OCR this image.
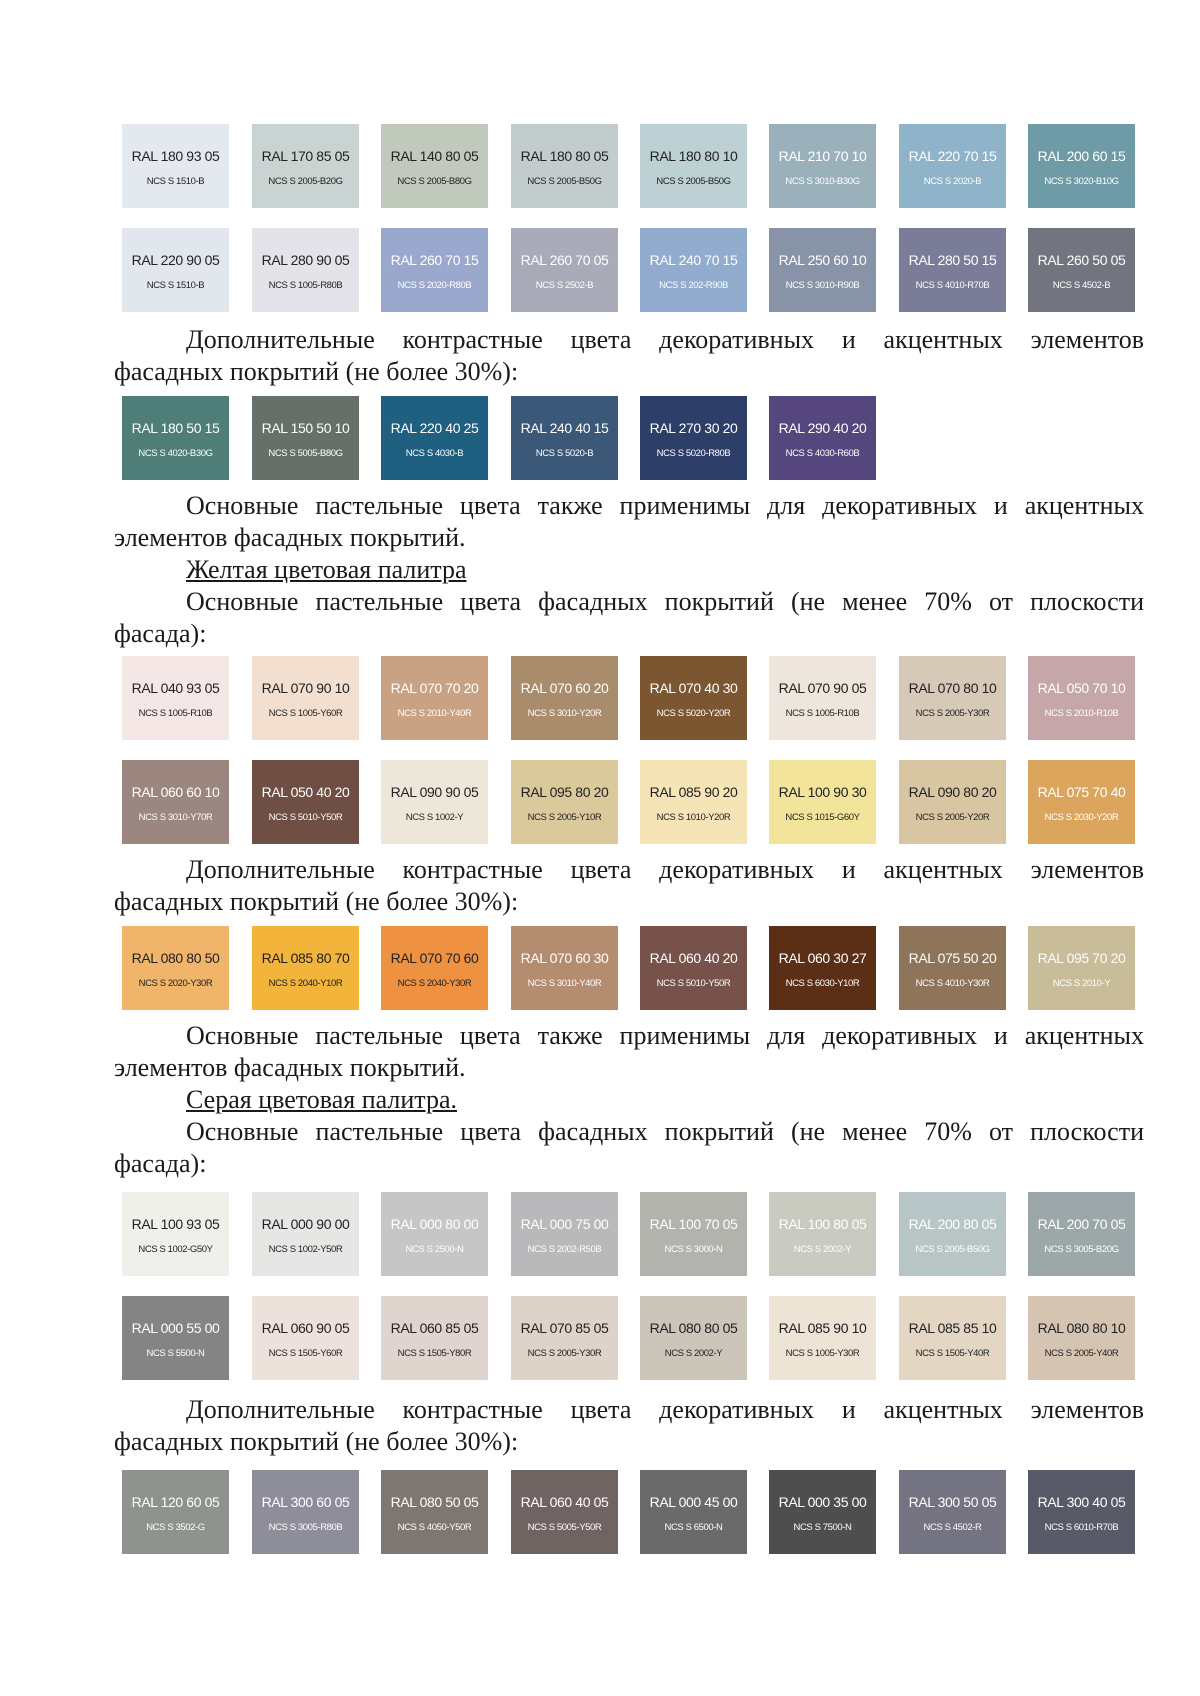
RAL 180 93 05
NCS S 1510-B
RAL 170 85 05
NCS S 2005-B20G
RAL 140 80 05
NCS S 2005-B80G
RAL 180 80 05
NCS S 2005-B50G
RAL 180 80 10
NCS S 2005-B50G
RAL 210 70 10
NCS S 3010-B30G
RAL 220 70 15
NCS S 2020-B
RAL 200 60 15
NCS S 3020-B10G
RAL 220 90 05
NCS S 1510-B
RAL 280 90 05
NCS S 1005-R80B
RAL 260 70 15
NCS S 2020-R80B
RAL 260 70 05
NCS S 2502-B
RAL 240 70 15
NCS S 202-R90B
RAL 250 60 10
NCS S 3010-R90B
RAL 280 50 15
NCS S 4010-R70B
RAL 260 50 05
NCS S 4502-B

Дополнительные контрастные цвета декоративных и акцентных элементов
фасадных покрытий (не более 30%):

RAL 180 50 15
NCS S 4020-B30G
RAL 150 50 10
NCS S 5005-B80G
RAL 220 40 25
NCS S 4030-B
RAL 240 40 15
NCS S 5020-B
RAL 270 30 20
NCS S 5020-R80B
RAL 290 40 20
NCS S 4030-R60B

Основные пастельные цвета также применимы для декоративных и акцентных
элементов фасадных покрытий.

Желтая цветовая палитра

Основные пастельные цвета фасадных покрытий (не менее 70% от плоскости
фасада):

RAL 040 93 05
NCS S 1005-R10B
RAL 070 90 10
NCS S 1005-Y60R
RAL 070 70 20
NCS S 2010-Y40R
RAL 070 60 20
NCS S 3010-Y20R
RAL 070 40 30
NCS S 5020-Y20R
RAL 070 90 05
NCS S 1005-R10B
RAL 070 80 10
NCS S 2005-Y30R
RAL 050 70 10
NCS S 2010-R10B
RAL 060 60 10
NCS S 3010-Y70R
RAL 050 40 20
NCS S 5010-Y50R
RAL 090 90 05
NCS S 1002-Y
RAL 095 80 20
NCS S 2005-Y10R
RAL 085 90 20
NCS S 1010-Y20R
RAL 100 90 30
NCS S 1015-G60Y
RAL 090 80 20
NCS S 2005-Y20R
RAL 075 70 40
NCS S 2030-Y20R

Дополнительные контрастные цвета декоративных и акцентных элементов
фасадных покрытий (не более 30%):

RAL 080 80 50
NCS S 2020-Y30R
RAL 085 80 70
NCS S 2040-Y10R
RAL 070 70 60
NCS S 2040-Y30R
RAL 070 60 30
NCS S 3010-Y40R
RAL 060 40 20
NCS S 5010-Y50R
RAL 060 30 27
NCS S 6030-Y10R
RAL 075 50 20
NCS S 4010-Y30R
RAL 095 70 20
NCS S 2010-Y

Основные пастельные цвета также применимы для декоративных и акцентных
элементов фасадных покрытий.

Серая цветовая палитра.

Основные пастельные цвета фасадных покрытий (не менее 70% от плоскости
фасада):

RAL 100 93 05
NCS S 1002-G50Y
RAL 000 90 00
NCS S 1002-Y50R
RAL 000 80 00
NCS S 2500-N
RAL 000 75 00
NCS S 2002-R50B
RAL 100 70 05
NCS S 3000-N
RAL 100 80 05
NCS S 2002-Y
RAL 200 80 05
NCS S 2005-B50G
RAL 200 70 05
NCS S 3005-B20G
RAL 000 55 00
NCS S 5500-N
RAL 060 90 05
NCS S 1505-Y60R
RAL 060 85 05
NCS S 1505-Y80R
RAL 070 85 05
NCS S 2005-Y30R
RAL 080 80 05
NCS S 2002-Y
RAL 085 90 10
NCS S 1005-Y30R
RAL 085 85 10
NCS S 1505-Y40R
RAL 080 80 10
NCS S 2005-Y40R

Дополнительные контрастные цвета декоративных и акцентных элементов
фасадных покрытий (не более 30%):

RAL 120 60 05
NCS S 3502-G
RAL 300 60 05
NCS S 3005-R80B
RAL 080 50 05
NCS S 4050-Y50R
RAL 060 40 05
NCS S 5005-Y50R
RAL 000 45 00
NCS S 6500-N
RAL 000 35 00
NCS S 7500-N
RAL 300 50 05
NCS S 4502-R
RAL 300 40 05
NCS S 6010-R70B
